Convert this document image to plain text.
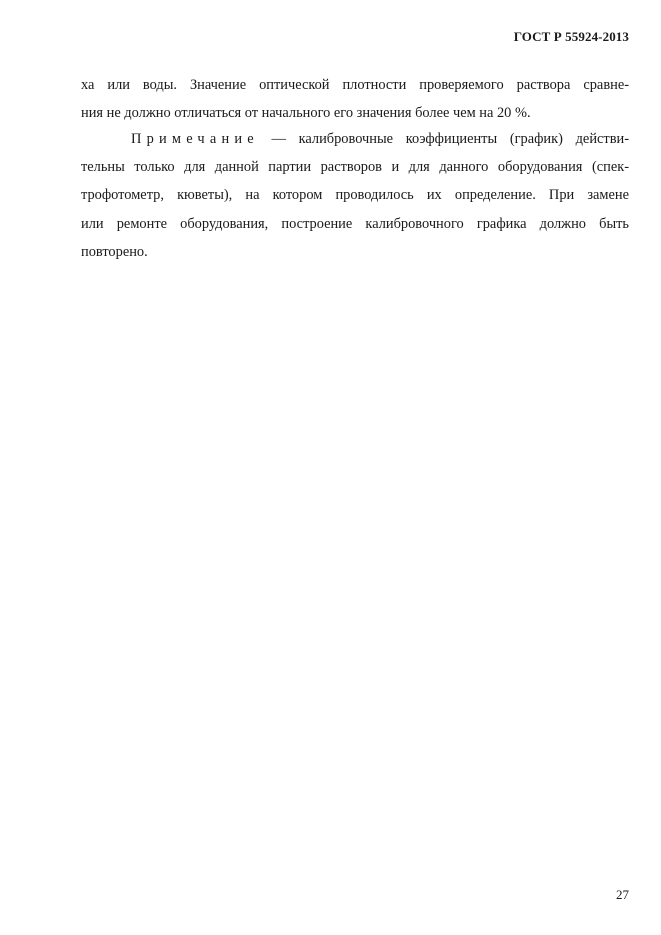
ГОСТ Р 55924-2013
ха или воды. Значение оптической плотности проверяемого раствора сравне-
ния не должно отличаться от начального его значения более чем на 20 %.
Примечание — калибровочные коэффициенты (график) действи-
тельны только для данной партии растворов и для данного оборудования (спек-
трофотометр, кюветы), на котором проводилось их определение. При замене
или ремонте оборудования, построение калибровочного графика должно быть
повторено.
27
